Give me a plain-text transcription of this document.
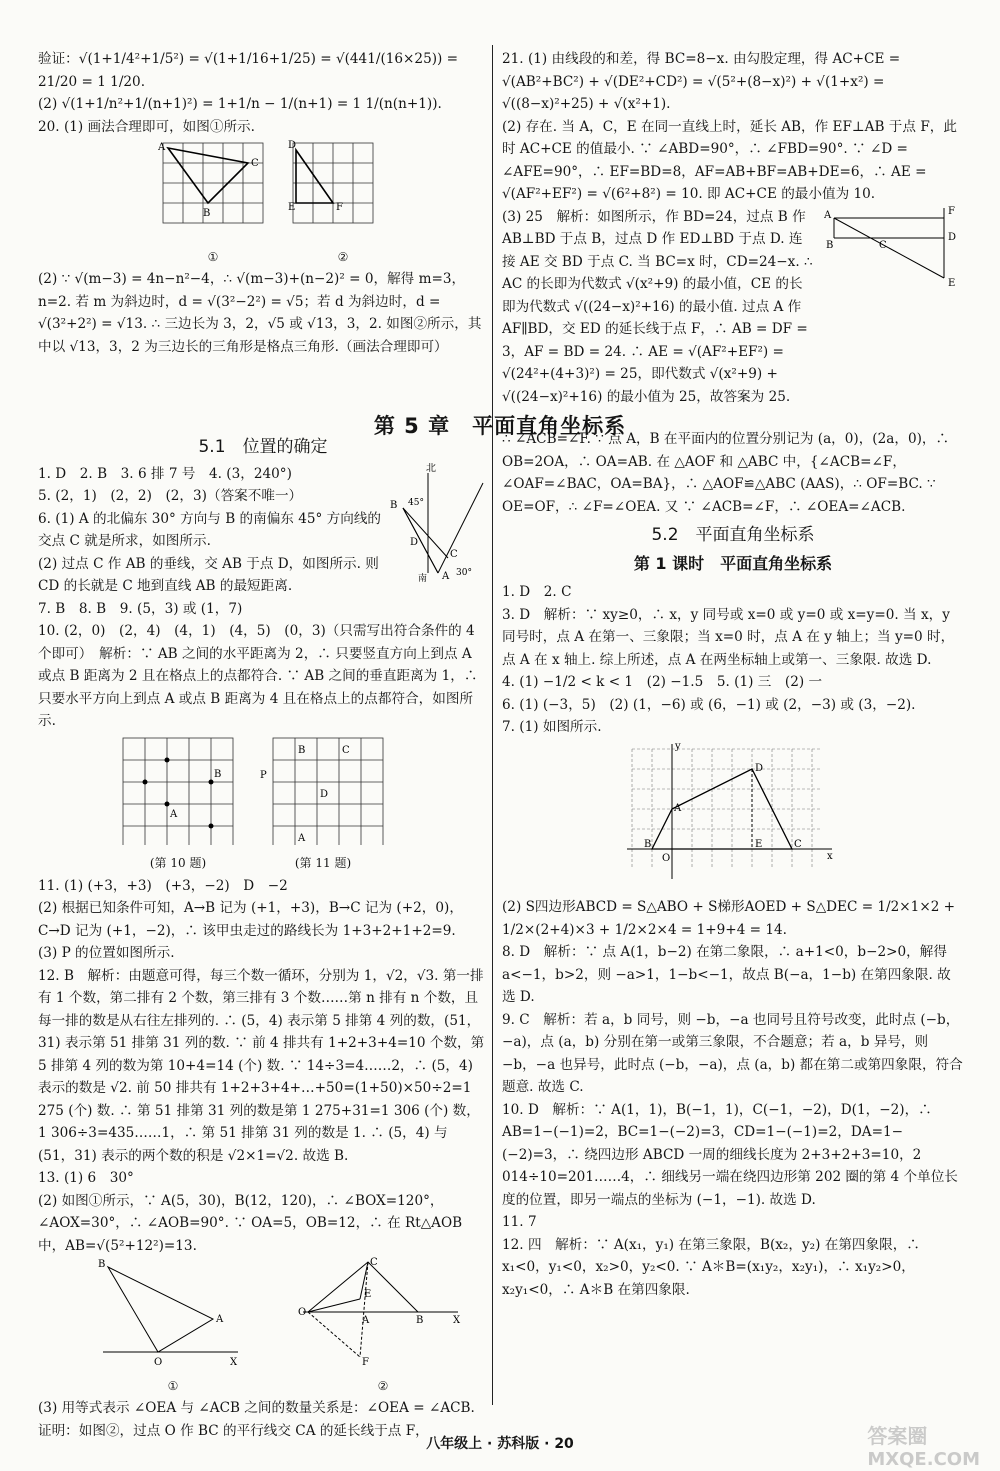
验证：√(1+1/4²+1/5²) = √(1+1/16+1/25) = √(441/(16×25)) = 21/20 = 1 1/20.

(2) √(1+1/n²+1/(n+1)²) = 1+1/n − 1/(n+1) = 1 1/(n(n+1)).

20. (1) 画法合理即可，如图①所示.

A
C
B
①
D
E	F
②

(2) ∵ √(m−3) = 4n−n²−4，∴ √(m−3)+(n−2)² = 0，解得 m=3，n=2. 若 m 为斜边时，d = √(3²−2²) = √5；若 d 为斜边时，d = √(3²+2²) = √13. ∴ 三边长为 3，2，√5 或 √13，3，2. 如图②所示，其中以 √13，3，2 为三边长的三角形是格点三角形.（画法合理即可）

21. (1) 由线段的和差，得 BC=8−x. 由勾股定理，得 AC+CE = √(AB²+BC²) + √(DE²+CD²) = √(5²+(8−x)²) + √(1+x²) = √((8−x)²+25) + √(x²+1).

(2) 存在. 当 A，C，E 在同一直线上时，延长 AB，作 EF⊥AB 于点 F，此时 AC+CE 的值最小. ∵ ∠ABD=90°，∴ ∠FBD=90°. ∵ ∠D = ∠AFE=90°，∴ EF=BD=8，AF=AB+BF=AB+DE=6，∴ AE = √(AF²+EF²) = √(6²+8²) = 10. 即 AC+CE 的最小值为 10.

(3) 25　解析：如图所示，作 BD=24，过点 B 作 AB⊥BD 于点 B，过点 D 作 ED⊥BD 于点 D. 连接 AE 交 BD 于点 C. 当 BC=x 时，CD=24−x. ∴ AC 的长即为代数式 √(x²+9) 的最小值，CE 的长即为代数式 √((24−x)²+16) 的最小值. 过点 A 作 AF∥BD，交 ED 的延长线于点 F，∴ AB = DF = 3，AF = BD = 24. ∴ AE = √(AF²+EF²) = √(24²+(4+3)²) = 25，即代数式 √(x²+9) + √((24−x)²+16) 的最小值为 25，故答案为 25.

A
B	C
D
E
F
第 5 章　平面直角坐标系
5.1　位置的确定

1. D　2. B　3. 6 排 7 号　4. (3，240°)

5. (2，1)　(2，2)　(2，3)（答案不唯一）

6. (1) A 的北偏东 30° 方向与 B 的南偏东 45° 方向线的交点 C 就是所求，如图所示.

(2) 过点 C 作 AB 的垂线，交 AB 于点 D，如图所示. 则 CD 的长就是 C 地到直线 AB 的最短距离.

北
B
A
C
D
45°
30°
南

7. B　8. B　9. (5，3) 或 (1，7)

10. (2，0)　(2，4)　(4，1)　(4，5)　(0，3)（只需写出符合条件的 4 个即可）　解析：∵ AB 之间的水平距离为 2，∴ 只要竖直方向上到点 A 或点 B 距离为 2 且在格点上的点都符合. ∵ AB 之间的垂直距离为 1，∴ 只要水平方向上到点 A 或点 B 距离为 4 且在格点上的点都符合，如图所示.

A
B
(第 10 题)
B	C
D
A
P
(第 11 题)

11. (1) (+3，+3)　(+3，−2)　D　−2
(2) 根据已知条件可知，A→B 记为 (+1，+3)，B→C 记为 (+2，0)，C→D 记为 (+1，−2)，∴ 该甲虫走过的路线长为 1+3+2+1+2=9.
(3) P 的位置如图所示.

12. B　解析：由题意可得，每三个数一循环，分别为 1，√2，√3. 第一排有 1 个数，第二排有 2 个数，第三排有 3 个数……第 n 排有 n 个数，且每一排的数是从右往左排列的. ∴ (5，4) 表示第 5 排第 4 列的数，(51，31) 表示第 51 排第 31 列的数. ∵ 前 4 排共有 1+2+3+4=10 个数，第 5 排第 4 列的数为第 10+4=14 (个) 数. ∵ 14÷3=4……2，∴ (5，4) 表示的数是 √2. 前 50 排共有 1+2+3+4+…+50=(1+50)×50÷2=1 275 (个) 数. ∴ 第 51 排第 31 列的数是第 1 275+31=1 306 (个) 数，1 306÷3=435……1，∴ 第 51 排第 31 列的数是 1. ∴ (5，4) 与 (51，31) 表示的两个数的积是 √2×1=√2. 故选 B.

13. (1) 6　30°
(2) 如图①所示，∵ A(5，30)，B(12，120)，∴ ∠BOX=120°，∠AOX=30°，∴ ∠AOB=90°. ∵ OA=5，OB=12，∴ 在 Rt△AOB 中，AB=√(5²+12²)=13.

B
A
O	X
①
O
C
E
A	B	X
F
②

(3) 用等式表示 ∠OEA 与 ∠ACB 之间的数量关系是：∠OEA = ∠ACB. 证明：如图②，过点 O 作 BC 的平行线交 CA 的延长线于点 F，

∴ ∠ACB=∠F. ∵ 点 A，B 在平面内的位置分别记为 (a，0)，(2a，0)，∴ OB=2OA，∴ OA=AB. 在 △AOF 和 △ABC 中，{∠ACB=∠F，∠OAF=∠BAC，OA=BA}，∴ △AOF≌△ABC (AAS)，∴ OF=BC. ∵ OE=OF，∴ ∠F=∠OEA. 又 ∵ ∠ACB=∠F，∴ ∠OEA=∠ACB.

5.2　平面直角坐标系
第 1 课时　平面直角坐标系

1. D　2. C

3. D　解析：∵ xy≥0，∴ x，y 同号或 x=0 或 y=0 或 x=y=0. 当 x，y 同号时，点 A 在第一、三象限；当 x=0 时，点 A 在 y 轴上；当 y=0 时，点 A 在 x 轴上. 综上所述，点 A 在两坐标轴上或第一、三象限. 故选 D.

4. (1) −1/2 < k < 1　(2) −1.5　5. (1) 三　(2) 一

6. (1) (−3，5)　(2) (1，−6) 或 (6，−1) 或 (2，−3) 或 (3，−2).

7. (1) 如图所示.

D
A
B	C
E
O	x
y

(2) S四边形ABCD = S△ABO + S梯形AOED + S△DEC = 1/2×1×2 + 1/2×(2+4)×3 + 1/2×2×4 = 1+9+4 = 14.

8. D　解析：∵ 点 A(1，b−2) 在第二象限，∴ a+1<0，b−2>0，解得 a<−1，b>2，则 −a>1，1−b<−1，故点 B(−a，1−b) 在第四象限. 故选 D.

9. C　解析：若 a，b 同号，则 −b，−a 也同号且符号改变，此时点 (−b，−a)，点 (a，b) 分别在第一或第三象限，不合题意；若 a，b 异号，则 −b，−a 也异号，此时点 (−b，−a)，点 (a，b) 都在第二或第四象限，符合题意. 故选 C.

10. D　解析：∵ A(1，1)，B(−1，1)，C(−1，−2)，D(1，−2)，∴ AB=1−(−1)=2，BC=1−(−2)=3，CD=1−(−1)=2，DA=1−(−2)=3，∴ 绕四边形 ABCD 一周的细线长度为 2+3+2+3=10，2 014÷10=201……4，∴ 细线另一端在绕四边形第 202 圈的第 4 个单位长度的位置，即另一端点的坐标为 (−1，−1). 故选 D.

11. 7

12. 四　解析：∵ A(x₁，y₁) 在第三象限，B(x₂，y₂) 在第四象限，∴ x₁<0，y₁<0，x₂>0，y₂<0. ∵ A＊B=(x₁y₂，x₂y₁)，∴ x₁y₂>0，x₂y₁<0，∴ A＊B 在第四象限.

八年级上 · 苏科版 · 20	答案圈
MXQE.COM
